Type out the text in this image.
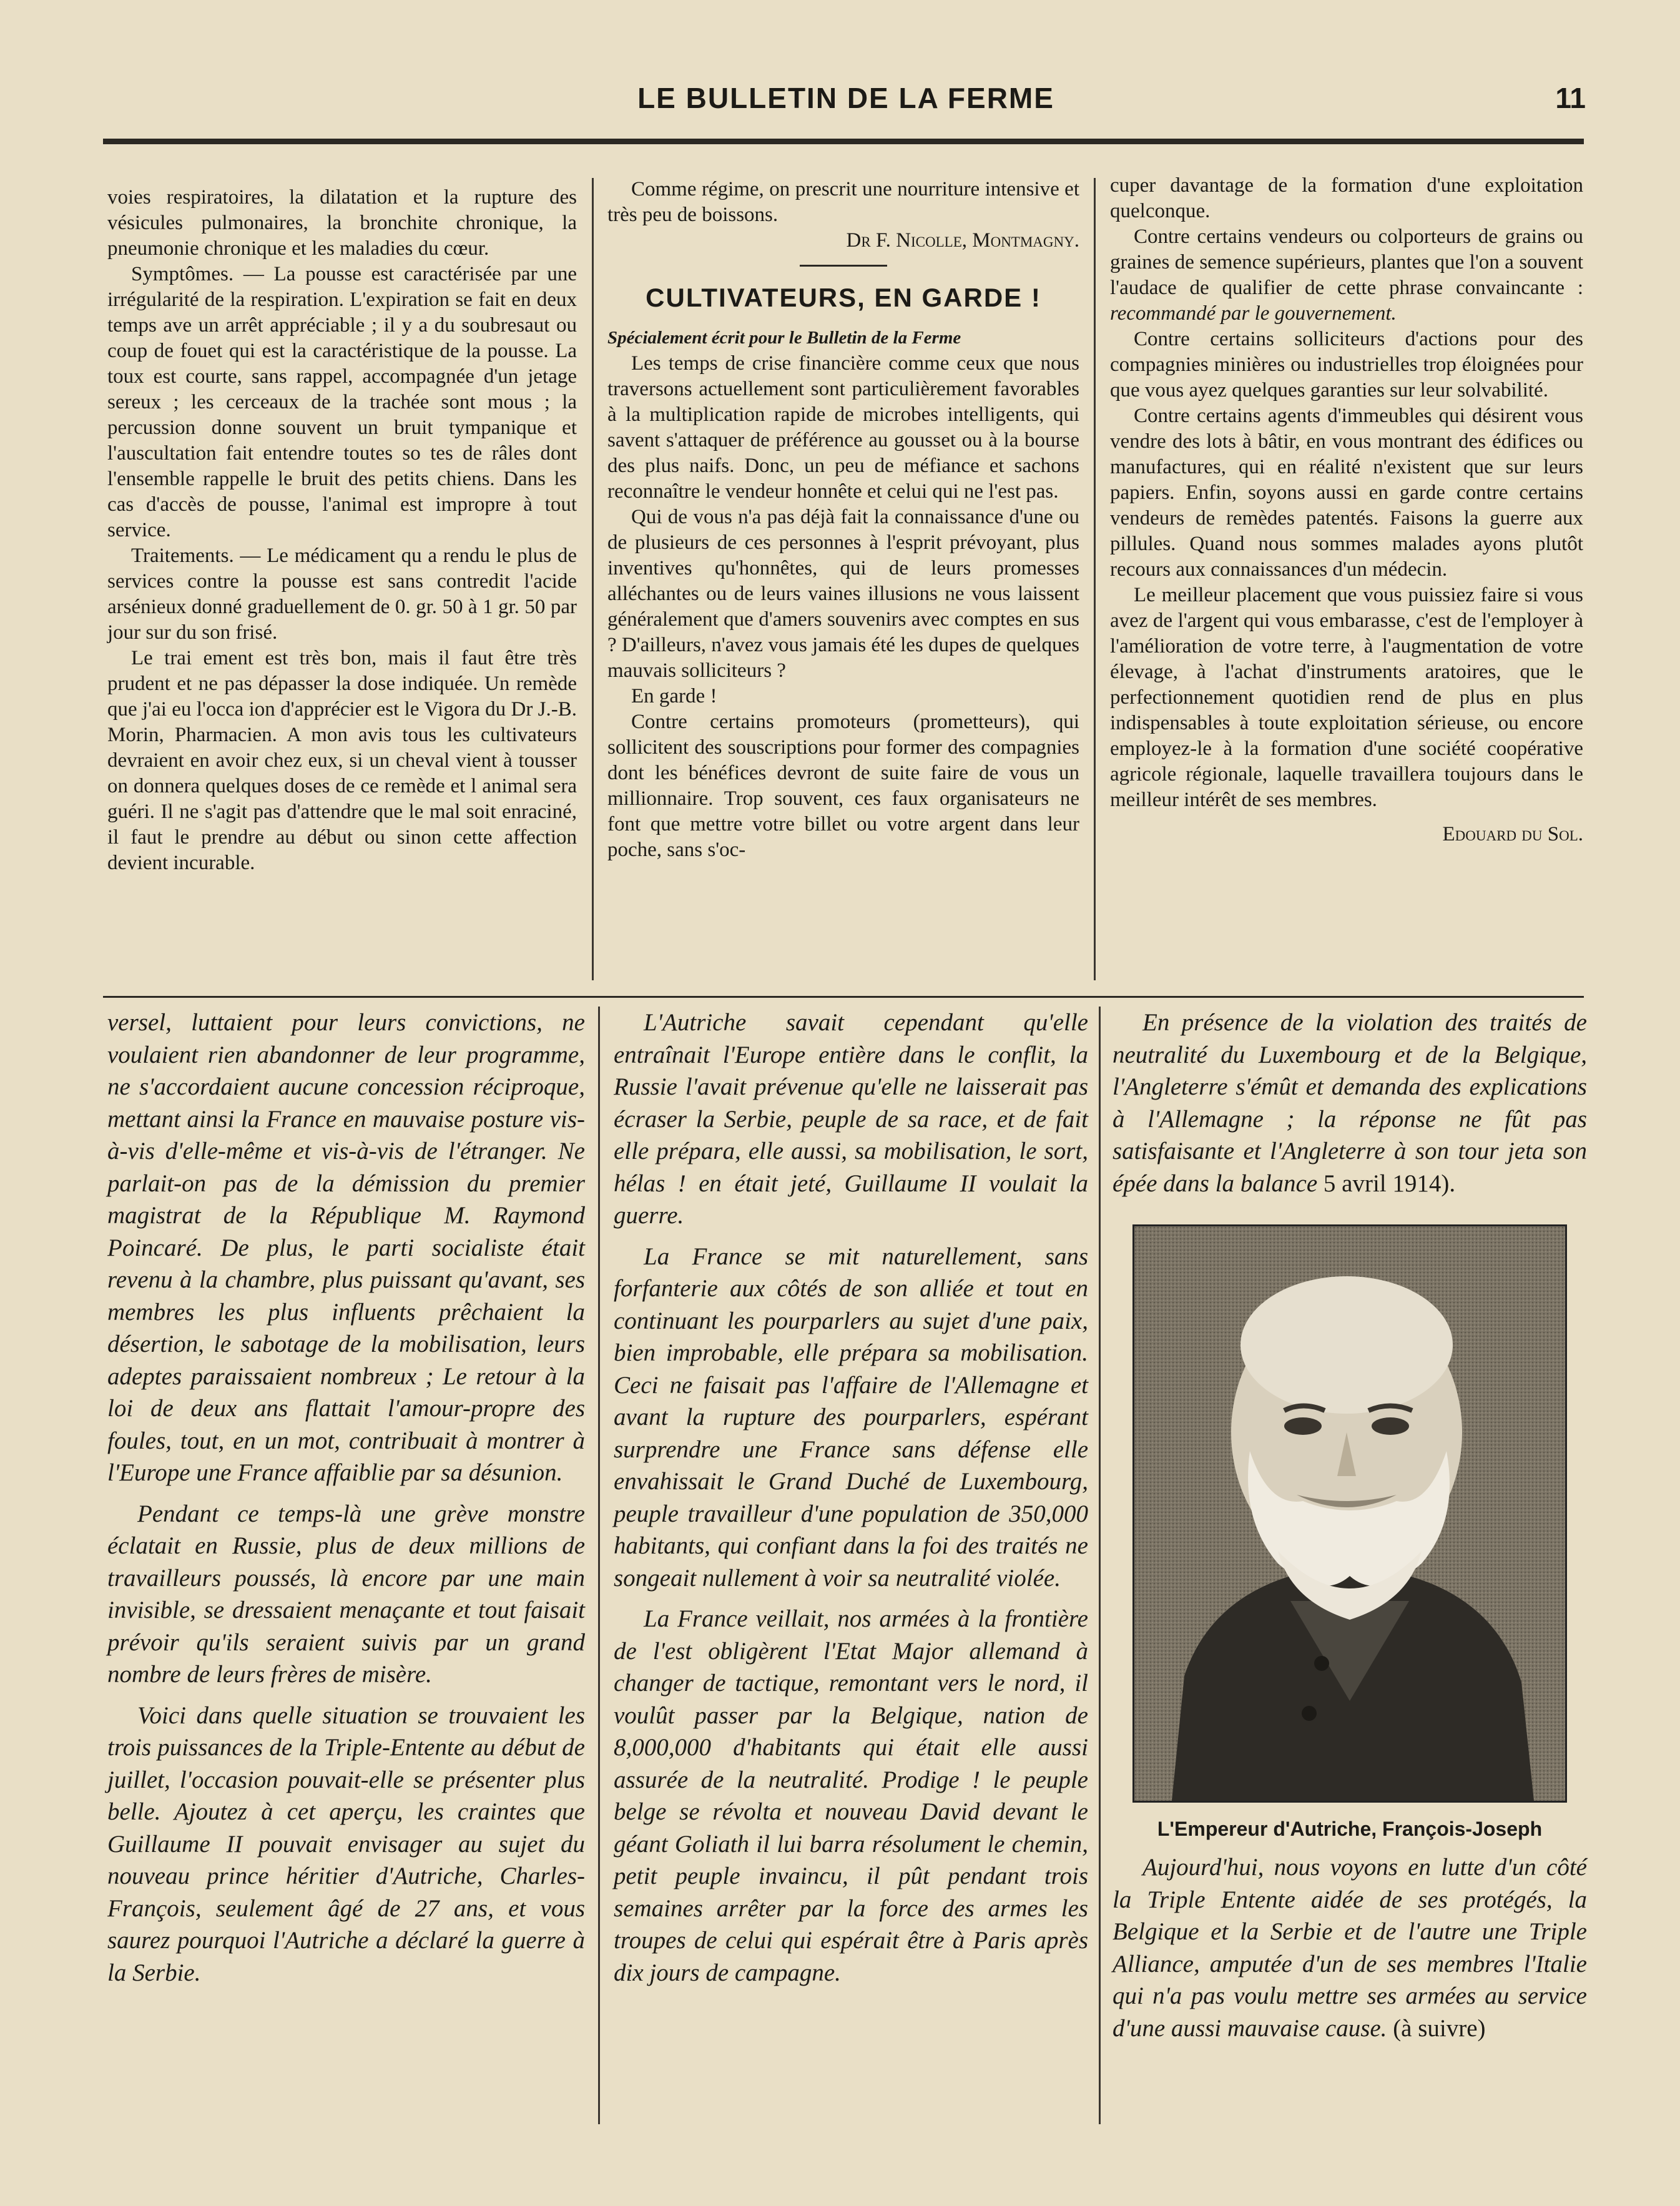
LE BULLETIN DE LA FERME	11

voies respiratoires, la dilatation et la rupture des vésicules pulmonaires, la bronchite chronique, la pneumonie chronique et les maladies du cœur.

Symptômes. — La pousse est caractérisée par une irrégularité de la respiration. L'expiration se fait en deux temps ave un arrêt appréciable ; il y a du soubresaut ou coup de fouet qui est la caractéristique de la pousse. La toux est courte, sans rappel, accompagnée d'un jetage sereux ; les cerceaux de la trachée sont mous ; la percussion donne souvent un bruit tympanique et l'auscultation fait entendre toutes so tes de râles dont l'ensemble rappelle le bruit des petits chiens. Dans les cas d'accès de pousse, l'animal est impropre à tout service.

Traitements. — Le médicament qu a rendu le plus de services contre la pousse est sans contredit l'acide arsénieux donné graduellement de 0. gr. 50 à 1 gr. 50 par jour sur du son frisé.

Le trai ement est très bon, mais il faut être très prudent et ne pas dépasser la dose indiquée. Un remède que j'ai eu l'occa ion d'apprécier est le Vigora du Dr J.-B. Morin, Pharmacien. A mon avis tous les cultivateurs devraient en avoir chez eux, si un cheval vient à tousser on donnera quelques doses de ce remède et l animal sera guéri. Il ne s'agit pas d'attendre que le mal soit enraciné, il faut le prendre au début ou sinon cette affection devient incurable.

Comme régime, on prescrit une nourriture intensive et très peu de boissons.

Dr F. Nicolle, Montmagny.

CULTIVATEURS, EN GARDE !

Spécialement écrit pour le Bulletin de la Ferme

Les temps de crise financière comme ceux que nous traversons actuellement sont particulièrement favorables à la multiplication rapide de microbes intelligents, qui savent s'attaquer de préférence au gousset ou à la bourse des plus naifs. Donc, un peu de méfiance et sachons reconnaître le vendeur honnête et celui qui ne l'est pas.

Qui de vous n'a pas déjà fait la connaissance d'une ou de plusieurs de ces personnes à l'esprit prévoyant, plus inventives qu'honnêtes, qui de leurs promesses alléchantes ou de leurs vaines illusions ne vous laissent généralement que d'amers souvenirs avec comptes en sus ? D'ailleurs, n'avez vous jamais été les dupes de quelques mauvais solliciteurs ?

En garde !

Contre certains promoteurs (prometteurs), qui sollicitent des souscriptions pour former des compagnies dont les bénéfices devront de suite faire de vous un millionnaire. Trop souvent, ces faux organisateurs ne font que mettre votre billet ou votre argent dans leur poche, sans s'oc-

cuper davantage de la formation d'une exploitation quelconque.

Contre certains vendeurs ou colporteurs de grains ou graines de semence supérieurs, plantes que l'on a souvent l'audace de qualifier de cette phrase convaincante : recommandé par le gouvernement.

Contre certains solliciteurs d'actions pour des compagnies minières ou industrielles trop éloignées pour que vous ayez quelques garanties sur leur solvabilité.

Contre certains agents d'immeubles qui désirent vous vendre des lots à bâtir, en vous montrant des édifices ou manufactures, qui en réalité n'existent que sur leurs papiers. Enfin, soyons aussi en garde contre certains vendeurs de remèdes patentés. Faisons la guerre aux pillules. Quand nous sommes malades ayons plutôt recours aux connaissances d'un médecin.

Le meilleur placement que vous puissiez faire si vous avez de l'argent qui vous embarasse, c'est de l'employer à l'amélioration de votre terre, à l'augmentation de votre élevage, à l'achat d'instruments aratoires, que le perfectionnement quotidien rend de plus en plus indispensables à toute exploitation sérieuse, ou encore employez-le à la formation d'une société coopérative agricole régionale, laquelle travaillera toujours dans le meilleur intérêt de ses membres.

Edouard du Sol.

versel, luttaient pour leurs convictions, ne voulaient rien abandonner de leur programme, ne s'accordaient aucune concession réciproque, mettant ainsi la France en mauvaise posture vis-à-vis d'elle-même et vis-à-vis de l'étranger. Ne parlait-on pas de la démission du premier magistrat de la République M. Raymond Poincaré. De plus, le parti socialiste était revenu à la chambre, plus puissant qu'avant, ses membres les plus influents prêchaient la désertion, le sabotage de la mobilisation, leurs adeptes paraissaient nombreux ; Le retour à la loi de deux ans flattait l'amour-propre des foules, tout, en un mot, contribuait à montrer à l'Europe une France affaiblie par sa désunion.

Pendant ce temps-là une grève monstre éclatait en Russie, plus de deux millions de travailleurs poussés, là encore par une main invisible, se dressaient menaçante et tout faisait prévoir qu'ils seraient suivis par un grand nombre de leurs frères de misère.

Voici dans quelle situation se trouvaient les trois puissances de la Triple-Entente au début de juillet, l'occasion pouvait-elle se présenter plus belle. Ajoutez à cet aperçu, les craintes que Guillaume II pouvait envisager au sujet du nouveau prince héritier d'Autriche, Charles-François, seulement âgé de 27 ans, et vous saurez pourquoi l'Autriche a déclaré la guerre à la Serbie.

L'Autriche savait cependant qu'elle entraînait l'Europe entière dans le conflit, la Russie l'avait prévenue qu'elle ne laisserait pas écraser la Serbie, peuple de sa race, et de fait elle prépara, elle aussi, sa mobilisation, le sort, hélas ! en était jeté, Guillaume II voulait la guerre.

La France se mit naturellement, sans forfanterie aux côtés de son alliée et tout en continuant les pourparlers au sujet d'une paix, bien improbable, elle prépara sa mobilisation. Ceci ne faisait pas l'affaire de l'Allemagne et avant la rupture des pourparlers, espérant surprendre une France sans défense elle envahissait le Grand Duché de Luxembourg, peuple travailleur d'une population de 350,000 habitants, qui confiant dans la foi des traités ne songeait nullement à voir sa neutralité violée.

La France veillait, nos armées à la frontière de l'est obligèrent l'Etat Major allemand à changer de tactique, remontant vers le nord, il voulût passer par la Belgique, nation de 8,000,000 d'habitants qui était elle aussi assurée de la neutralité. Prodige ! le peuple belge se révolta et nouveau David devant le géant Goliath il lui barra résolument le chemin, petit peuple invaincu, il pût pendant trois semaines arrêter par la force des armes les troupes de celui qui espérait être à Paris après dix jours de campagne.

En présence de la violation des traités de neutralité du Luxembourg et de la Belgique, l'Angleterre s'émût et demanda des explications à l'Allemagne ; la réponse ne fût pas satisfaisante et l'Angleterre à son tour jeta son épée dans la balance 5 avril 1914).

L'Empereur d'Autriche, François-Joseph

Aujourd'hui, nous voyons en lutte d'un côté la Triple Entente aidée de ses protégés, la Belgique et la Serbie et de l'autre une Triple Alliance, amputée d'un de ses membres l'Italie qui n'a pas voulu mettre ses armées au service d'une aussi mauvaise cause. (à suivre)
